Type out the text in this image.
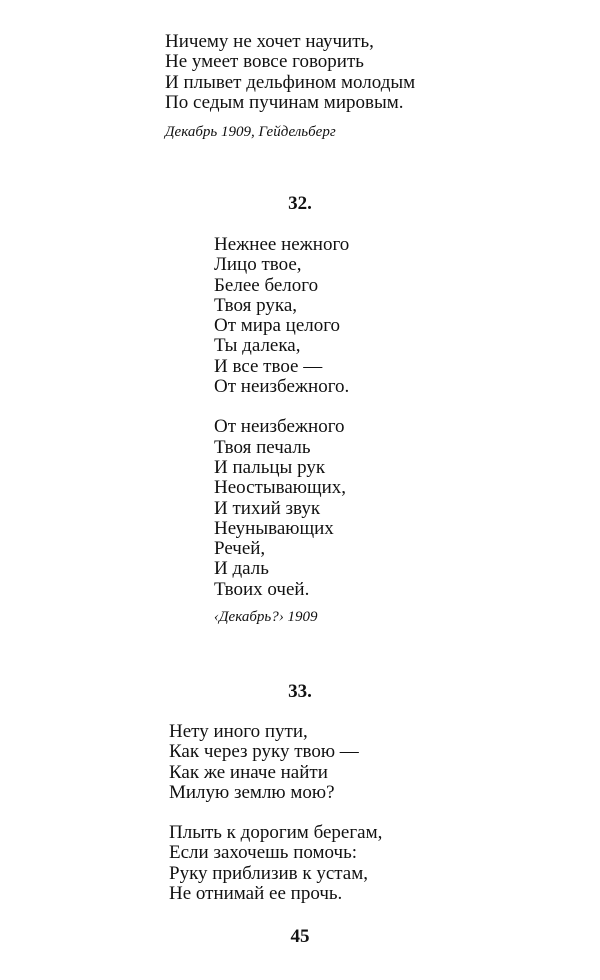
Ничему не хочет научить,
Не умеет вовсе говорить
И плывет дельфином молодым
По седым пучинам мировым.
Декабрь 1909, Гейдельберг
32.
Нежнее нежного
Лицо твое,
Белее белого
Твоя рука,
От мира целого
Ты далека,
И все твое —
От неизбежного.
От неизбежного
Твоя печаль
И пальцы рук
Неостывающих,
И тихий звук
Неунывающих
Речей,
И даль
Твоих очей.
‹Декабрь?› 1909
33.
Нету иного пути,
Как через руку твою —
Как же иначе найти
Милую землю мою?
Плыть к дорогим берегам,
Если захочешь помочь:
Руку приблизив к устам,
Не отнимай ее прочь.
45
